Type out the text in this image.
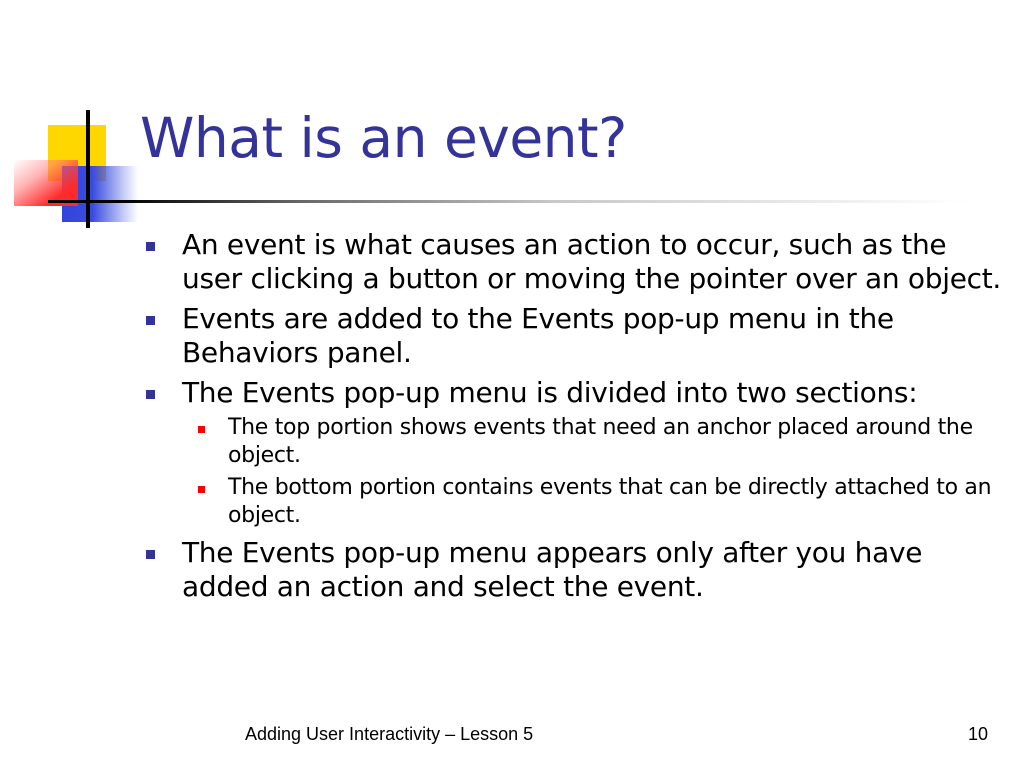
What is an event?
An event is what causes an action to occur, such as the user clicking a button or moving the pointer over an object.
Events are added to the Events pop-up menu in the Behaviors panel.
The Events pop-up menu is divided into two sections:
The top portion shows events that need an anchor placed around the object.
The bottom portion contains events that can be directly attached to an object.
The Events pop-up menu appears only after you have added an action and select the event.
Adding User Interactivity – Lesson 5	10
